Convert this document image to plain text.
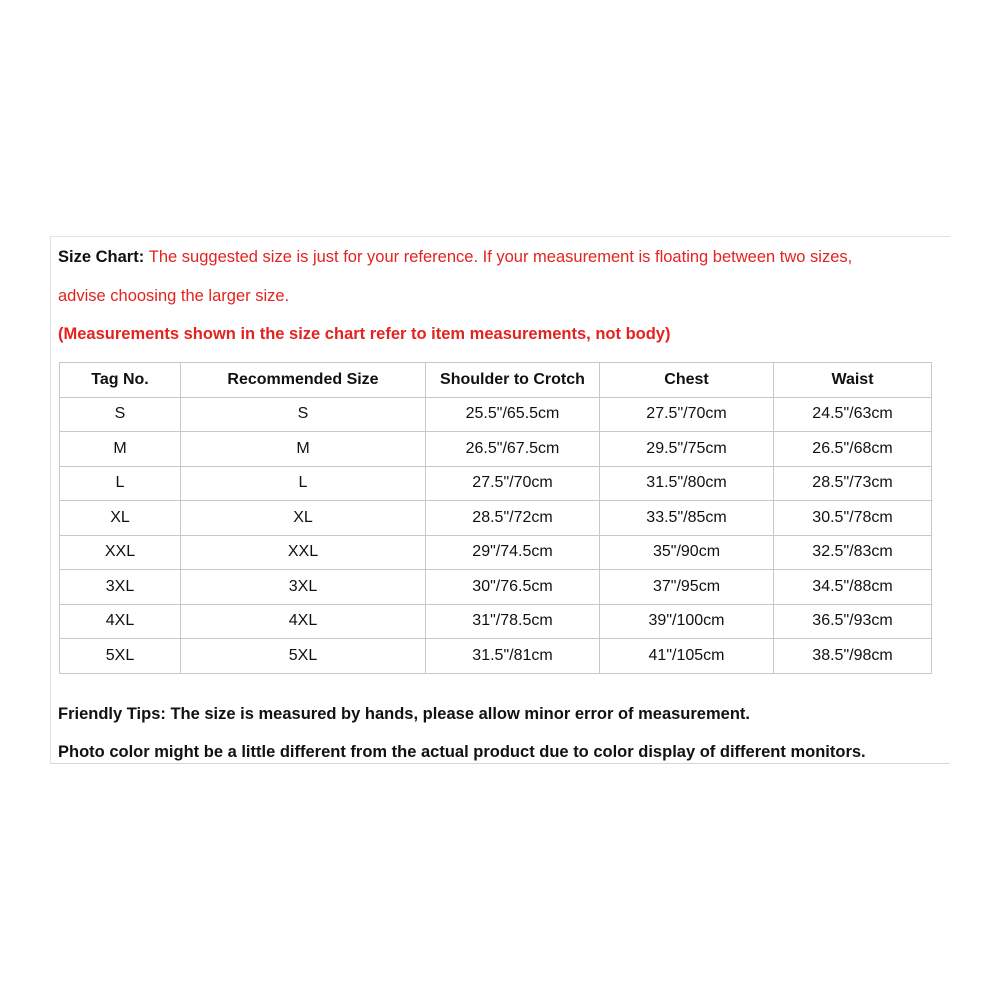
Size Chart: The suggested size is just for your reference. If your measurement is floating between two sizes,
advise choosing the larger size.
(Measurements shown in the size chart refer to item measurements, not body)
Tag No.	Recommended Size	Shoulder to Crotch	Chest	Waist
S	S	25.5"/65.5cm	27.5"/70cm	24.5"/63cm
M	M	26.5"/67.5cm	29.5"/75cm	26.5"/68cm
L	L	27.5"/70cm	31.5"/80cm	28.5"/73cm
XL	XL	28.5"/72cm	33.5"/85cm	30.5"/78cm
XXL	XXL	29"/74.5cm	35"/90cm	32.5"/83cm
3XL	3XL	30"/76.5cm	37"/95cm	34.5"/88cm
4XL	4XL	31"/78.5cm	39"/100cm	36.5"/93cm
5XL	5XL	31.5"/81cm	41"/105cm	38.5"/98cm
Friendly Tips: The size is measured by hands, please allow minor error of measurement.
Photo color might be a little different from the actual product due to color display of different monitors.
